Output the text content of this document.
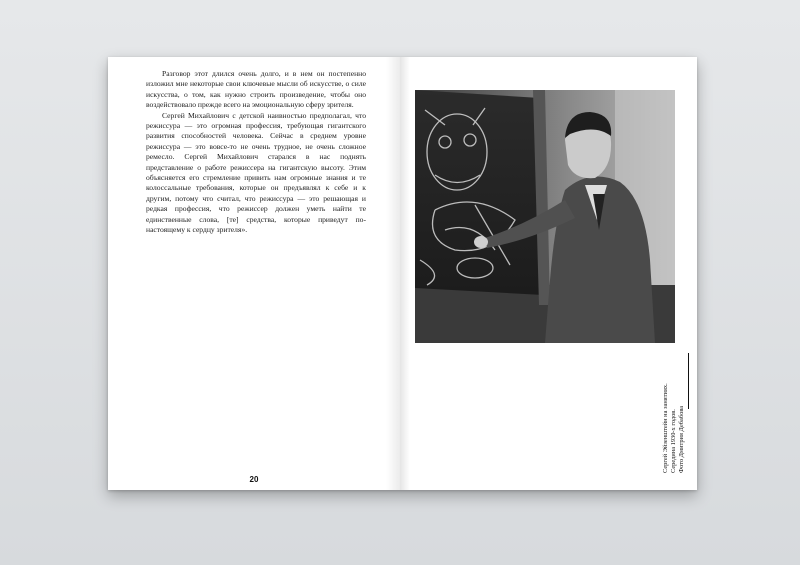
Разговор этот длился очень долго, и в нем он постепенно изложил мне некоторые свои ключевые мысли об искусстве, о силе искусства, о том, как нужно строить произведение, чтобы оно воздействовало прежде всего на эмоциональную сферу зрителя.

Сергей Михайлович с детской наивностью предполагал, что режиссура — это огромная профессия, требующая гигантского развития способностей человека. Сейчас в среднем уровне режиссура — это вовсе-то не очень трудное, не очень сложное ремесло. Сергей Михайлович старался в нас поднять представление о работе режиссера на гигантскую высоту. Этим объясняется его стремление привить нам огромные знания и те колоссальные требования, которые он предъявлял к себе и к другим, потому что считал, что режиссура — это решающая и редкая профессия, что режиссер должен уметь найти те единственные слова, [те] средства, которые приведут по-настоящему к сердцу зрителя».

20
Сергей Эйзенштейн на занятиях. Середина 1930-х годов. Фото Дмитрия Дебабова
